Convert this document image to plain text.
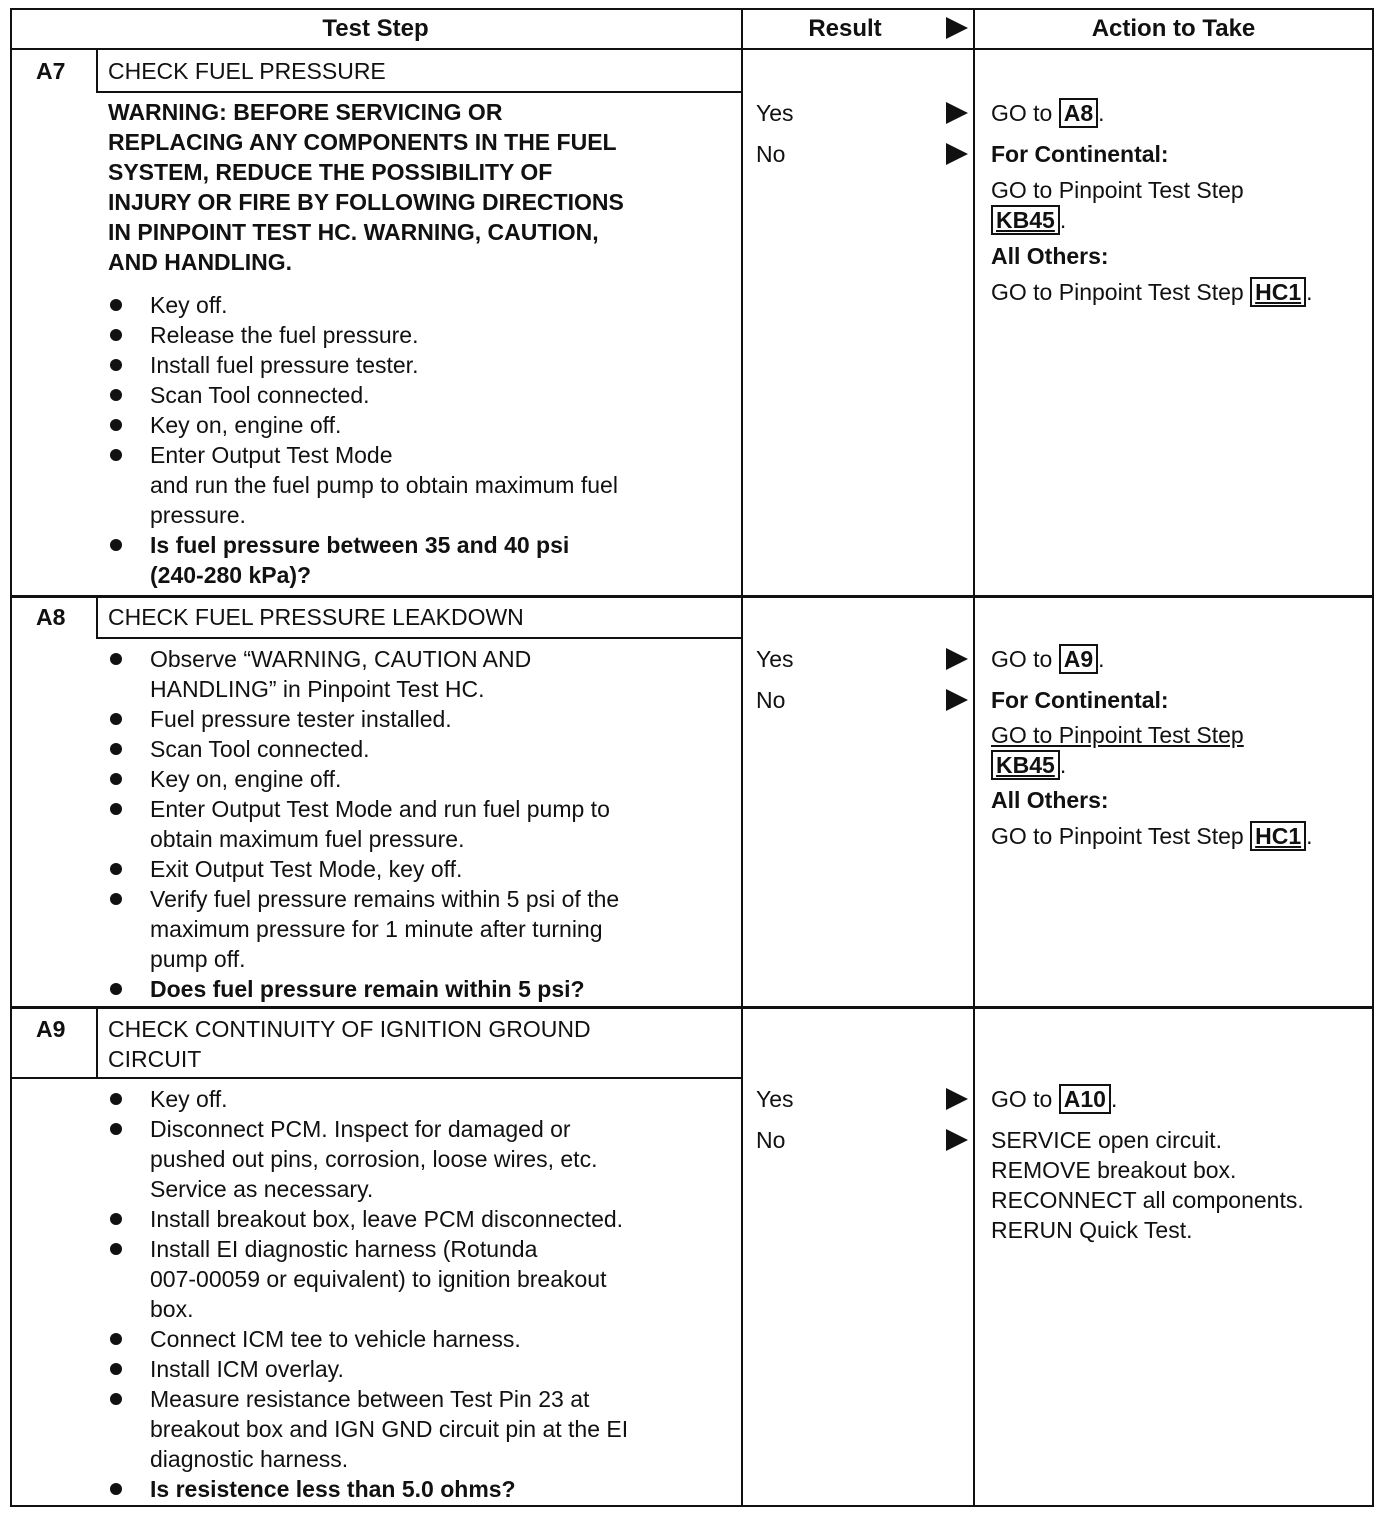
Test Step	Result	Action to Take
A7 CHECK FUEL PRESSURE
WARNING: BEFORE SERVICING OR
REPLACING ANY COMPONENTS IN THE FUEL
SYSTEM, REDUCE THE POSSIBILITY OF
INJURY OR FIRE BY FOLLOWING DIRECTIONS
IN PINPOINT TEST HC. WARNING, CAUTION,
AND HANDLING.
Key off.
Release the fuel pressure.
Install fuel pressure tester.
Scan Tool connected.
Key on, engine off.
Enter Output Test Mode
and run the fuel pump to obtain maximum fuel
pressure.
Is fuel pressure between 35 and 40 psi
(240-280 kPa)?
Yes
No
GO to A8 .
For Continental:
GO to Pinpoint Test Step
KB45 .
All Others:
GO to Pinpoint Test Step HC1 .
A8 CHECK FUEL PRESSURE LEAKDOWN
Observe “WARNING, CAUTION AND
HANDLING” in Pinpoint Test HC.
Fuel pressure tester installed.
Scan Tool connected.
Key on, engine off.
Enter Output Test Mode and run fuel pump to
obtain maximum fuel pressure.
Exit Output Test Mode, key off.
Verify fuel pressure remains within 5 psi of the
maximum pressure for 1 minute after turning
pump off.
Does fuel pressure remain within 5 psi?
Yes
No
GO to A9 .
For Continental:
GO to Pinpoint Test Step
KB45 .
All Others:
GO to Pinpoint Test Step HC1 .
A9 CHECK CONTINUITY OF IGNITION GROUND
CIRCUIT
Key off.
Disconnect PCM. Inspect for damaged or
pushed out pins, corrosion, loose wires, etc.
Service as necessary.
Install breakout box, leave PCM disconnected.
Install EI diagnostic harness (Rotunda
007-00059 or equivalent) to ignition breakout
box.
Connect ICM tee to vehicle harness.
Install ICM overlay.
Measure resistance between Test Pin 23 at
breakout box and IGN GND circuit pin at the EI
diagnostic harness.
Is resistence less than 5.0 ohms?
Yes
No
GO to A10 .
SERVICE open circuit.
REMOVE breakout box.
RECONNECT all components.
RERUN Quick Test.
